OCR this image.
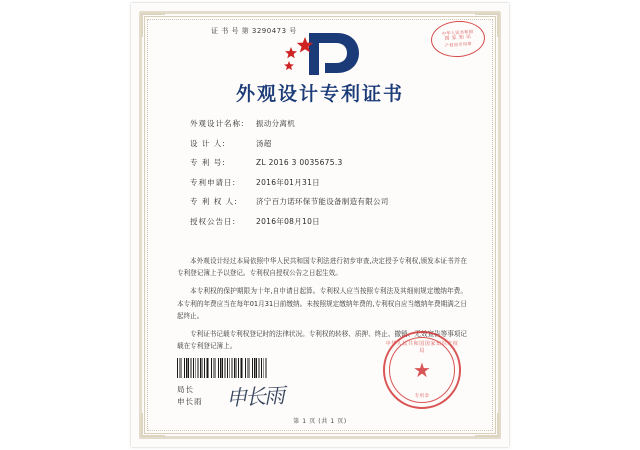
证 书 号 第 3290473 号	中华人民共和国
国 家 知 识
产权局专用章
外观设计专利证书
外观设计名称:	振动分离机
设 计 人:	汤超
专 利 号:	ZL 2016 3 0035675.3
专利申请日:	2016年01月31日
专 利 权 人:	济宁百力诺环保节能设备制造有限公司
授权公告日:	2016年08月10日

本外观设计经过本局依照中华人民共和国专利法进行初步审查,决定授予专利权,颁发本证书并在专利登记簿上予以登记。专利权自授权公告之日起生效。

本专利权的保护期限为十年,自申请日起算。专利权人应当按照专利法及其细则规定缴纳年费。本专利的年费应当在每年01月31日前缴纳。未按照规定缴纳年费的,专利权自应当缴纳年费期满之日起终止。

专利证书记载专利权登记时的法律状况。专利权的转移、质押、终止、撤销、无效宣告等事项记载在专利登记簿上。

局长
申长雨 申长雨
中华人民共和国国家知识产权局
★
专用章
第 1 页 (共 1 页)
